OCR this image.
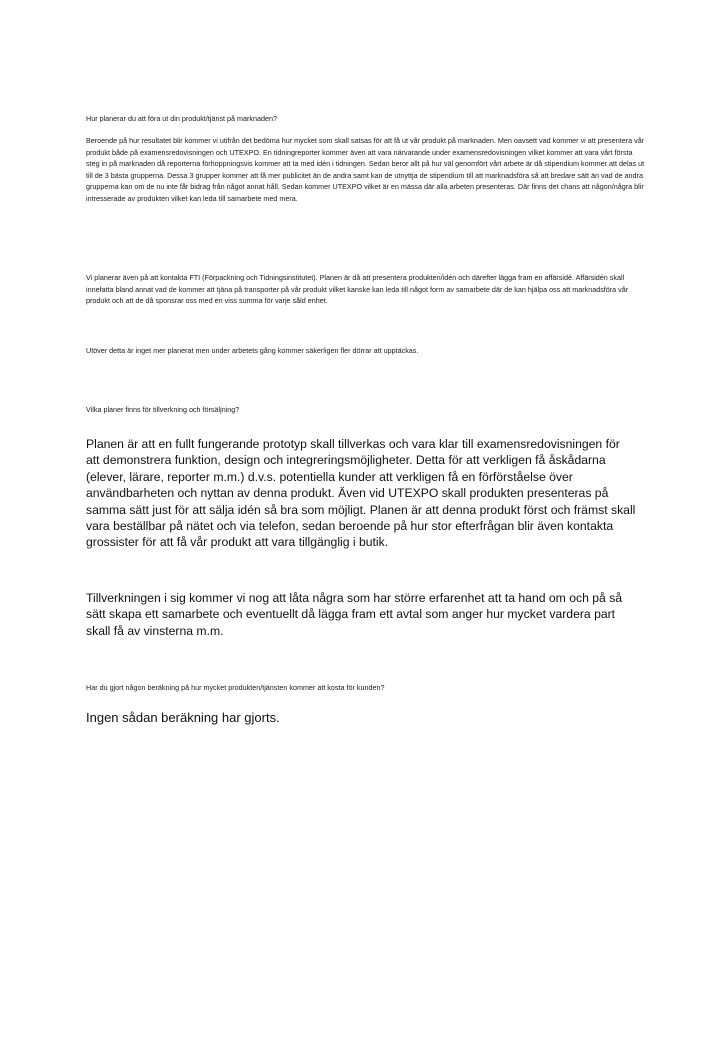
Hur planerar du att föra ut din produkt/tjänst på marknaden?

Beroende på hur resultatet blir kommer vi utifrån det bedöma hur mycket som skall satsas för att få ut vår produkt på marknaden. Men oavsett vad kommer vi att presentera vår produkt både på examensredovisningen och UTEXPO. En tidningreporter kommer även att vara närvarande under examensredovisningen vilket kommer att vara vårt första steg in på marknaden då reporterna förhoppningsvis kommer att ta med idén i tidningen. Sedan beror allt på hur väl genomfört vårt arbete är då stipendium kommer att delas ut till de 3 bästa grupperna. Dessa 3 grupper kommer att få mer publicitet än de andra samt kan de utnyttja de stipendium till att marknadsföra så att bredare sätt än vad de andra grupperna kan om de nu inte får bidrag från något annat håll. Sedan kommer UTEXPO vilket är en mässa där alla arbeten presenteras. Där finns det chans att någon/några blir intresserade av produkten vilket kan leda till samarbete med mera.

Vi planerar även på att kontakta FTI (Förpackning och Tidningsinstitutet). Planen är då att presentera produkten/idén och därefter lägga fram en affärsidé. Affärsidén skall innefatta bland annat vad de kommer att tjäna på transporter på vår produkt vilket kanske kan leda till något form av samarbete där de kan hjälpa oss att marknadsföra vår produkt och att de då sponsrar oss med en viss summa för varje såld enhet.

Utöver detta är inget mer planerat men under arbetets gång kommer säkerligen fler dörrar att upptäckas.

Vilka planer finns för tillverkning och försäljning?

Planen är att en fullt fungerande prototyp skall tillverkas och vara klar till examensredovisningen för att demonstrera funktion, design och integreringsmöjligheter. Detta för att verkligen få åskådarna (elever, lärare, reporter m.m.) d.v.s. potentiella kunder att verkligen få en förförståelse över användbarheten och nyttan av denna produkt. Även vid UTEXPO skall produkten presenteras på samma sätt just för att sälja idén så bra som möjligt. Planen är att denna produkt först och främst skall vara beställbar på nätet och via telefon, sedan beroende på hur stor efterfrågan blir även kontakta grossister för att få vår produkt att vara tillgänglig i butik.

Tillverkningen i sig kommer vi nog att låta några som har större erfarenhet att ta hand om och på så sätt skapa ett samarbete och eventuellt då lägga fram ett avtal som anger hur mycket vardera part skall få av vinsterna m.m.

Har du gjort någon beräkning på hur mycket produkten/tjänsten kommer att kosta för kunden?

Ingen sådan beräkning har gjorts.
